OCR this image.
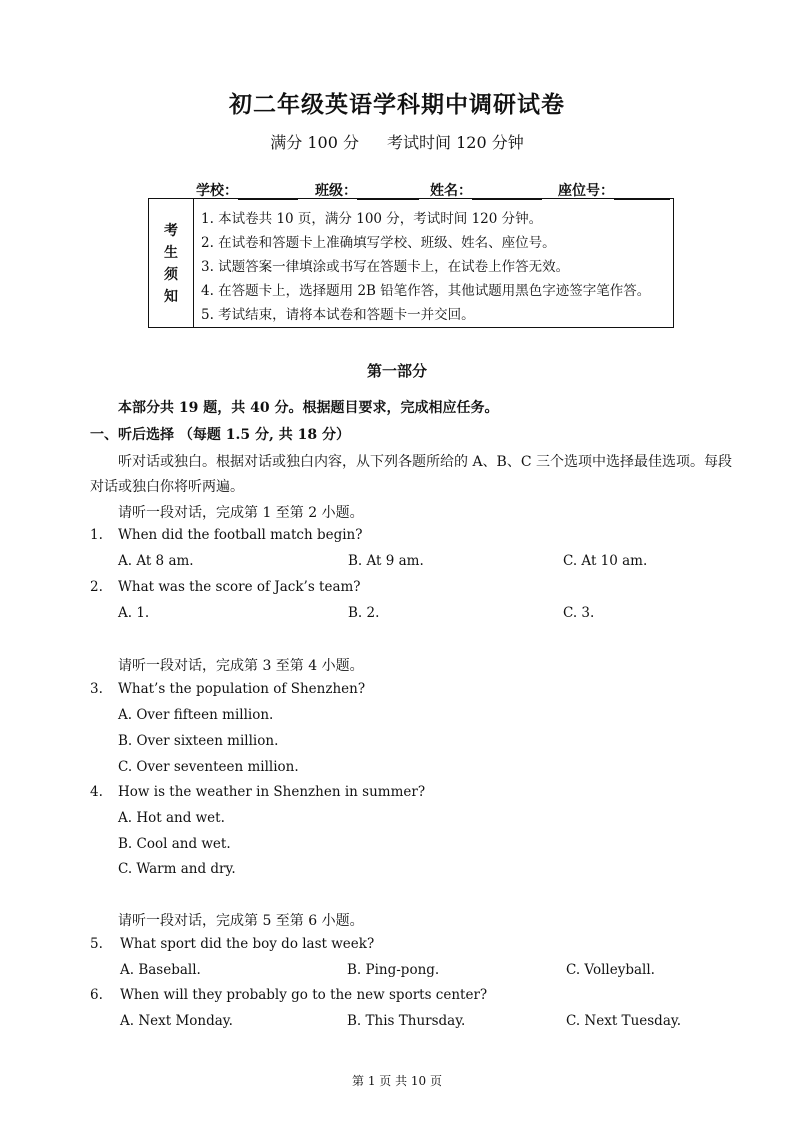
初二年级英语学科期中调研试卷
满分 100 分 考试时间 120 分钟
学校：	班级：	姓名：	座位号：
考
生
须
知
1. 本试卷共 10 页，满分 100 分，考试时间 120 分钟。
2. 在试卷和答题卡上准确填写学校、班级、姓名、座位号。
3. 试题答案一律填涂或书写在答题卡上，在试卷上作答无效。
4. 在答题卡上，选择题用 2B 铅笔作答，其他试题用黑色字迹签字笔作答。
5. 考试结束，请将本试卷和答题卡一并交回。
第一部分
本部分共 19 题，共 40 分。根据题目要求，完成相应任务。
一、听后选择 （每题 1.5 分, 共 18 分）
听对话或独白。根据对话或独白内容，从下列各题所给的 A、B、C 三个选项中选择最佳选项。每段
对话或独白你将听两遍。
请听一段对话，完成第 1 至第 2 小题。
1. When did the football match begin?
A. At 8 am.	B. At 9 am.	C. At 10 am.
2. What was the score of Jack’s team?
A. 1.	B. 2.	C. 3.
请听一段对话，完成第 3 至第 4 小题。
3. What’s the population of Shenzhen?
A. Over fifteen million.
B. Over sixteen million.
C. Over seventeen million.
4. How is the weather in Shenzhen in summer?
A. Hot and wet.
B. Cool and wet.
C. Warm and dry.
请听一段对话，完成第 5 至第 6 小题。
5. What sport did the boy do last week?
A. Baseball.	B. Ping-pong.	C. Volleyball.
6. When will they probably go to the new sports center?
A. Next Monday.	B. This Thursday.	C. Next Tuesday.
第 1 页 共 10 页
